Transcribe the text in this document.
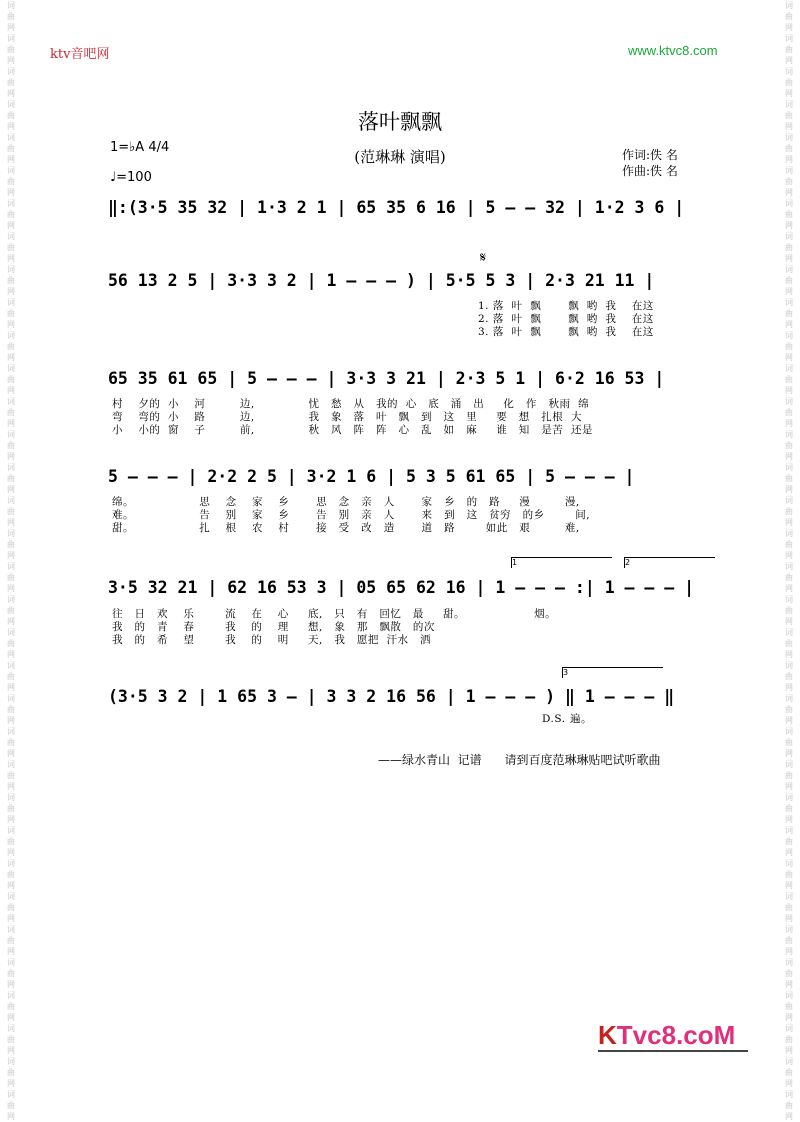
词
曲
网
词
曲
网
词
曲
网
词
曲
网
词
曲
网
词
曲
网
词
曲
网
词
曲
网
词
曲
网
词
曲
网
词
曲
网
词
曲
网
词
曲
网
词
曲
网
词
曲
网
词
曲
网
词
曲
网
词
曲
网
词
曲
网
词
曲
网
词
曲
网
词
曲
网
词
曲
网
词
曲
网
词
曲
网
词
曲
网
词
曲
网
词
曲
网
词
曲
网
词
曲
网
词
曲
网
词
曲
网
词
曲
网
词
曲
网
词
曲
网
词
曲
网
词
曲
网
词
曲
网
词
曲
网
词
曲
网
词
曲
网
词
曲
网
词
曲
网
词
曲
网
词
曲
网
词
曲
网
词
曲
网
词
曲
网
词
曲
网
词
曲
网
词
曲
网
词
曲
网
词
曲
网
词
曲
网
词
曲
网
词
曲
网
词
曲
网
词
曲
网
词
曲
网
词
曲
网
词
曲
网
词
曲
网
词
曲
网
词
曲
网
词
曲
网
词
曲
网
词
曲
网
词
曲
网
ktv音吧网	www.ktvc8.com
落叶飘飘
(范琳琳 演唱)	作词:佚 名
作曲:佚 名
1=♭A 4/4
♩=100
‖:(3·5 35 32 | 1·3 2 1 | 65 35 6 16 | 5 — — 32 | 1·2 3 6 |
56 13 2 5 | 3·3 3 2 | 1 — — — ) | 5·5 5 3 | 2·3 21 11 |
65 35 61 65 | 5 — — — | 3·3 3 21 | 2·3 5 1 | 6·2 16 53 |
5 — — — | 2·2 2 5 | 3·2 1 6 | 5 3 5 61 65 | 5 — — — |
3·5 32 21 | 62 16 53 3 | 05 65 62 16 | 1 — — — :| 1 — — — |
(3·5 3 2 | 1 65 3 — | 3 3 2 16 56 | 1 — — — ) ‖ 1 — — — ‖
𝄋
1. 落  叶  飘       飘  哟  我    在这
2. 落  叶  飘       飘  哟  我    在这
3. 落  叶  飘       飘  哟  我    在这
村    夕的  小    河         边,              忧   愁   从   我的  心   底   涌   出     化   作   秋雨  绵
弯    弯的  小    路         边,              我   象   落   叶   飘   到   这   里     要   想   扎根  大
小    小的  窗    子         前,              秋   风   阵   阵   心   乱   如   麻     谁   知   是苦  还是
绵。                 思    念    家    乡       思   念   亲   人       家   乡   的   路     漫         漫,
难。                 告    别    家    乡       告   别   亲   人       来   到   这   贫穷   的乡        间,
甜。                 扎    根    农    村       接   受   改   造       道   路        如此   艰         难,
1	2
往   日   欢    乐        流    在    心     底,   只   有   回忆   最     甜。                  烟。
我   的   青    春        我    的    理     想,   象   那   飘散   的次
我   的   希    望        我    的    明     天,   我   愿把  汗水   洒
3
D.S. 遍。
——绿水青山  记谱      请到百度范琳琳贴吧试听歌曲
KTvc8.coM
